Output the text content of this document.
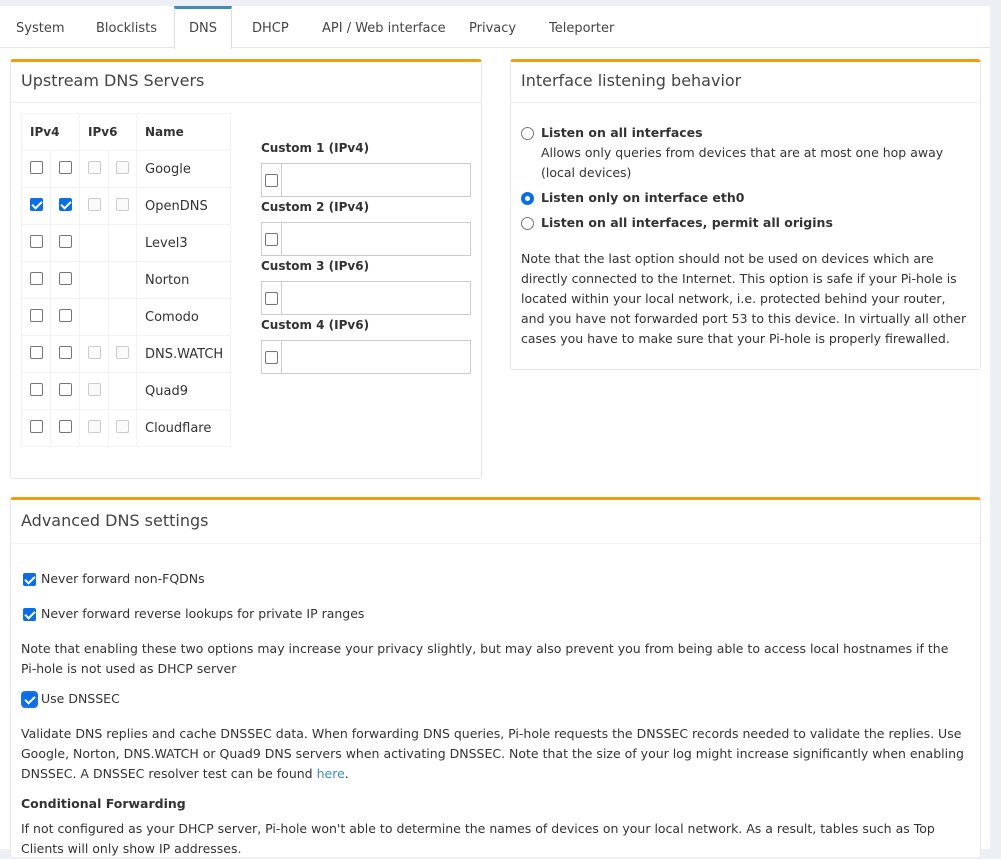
System Blocklists	DNS	DHCP	API / Web interface Privacy	Teleporter
Upstream DNS Servers
IPv4		IPv6		Name
				Google
				OpenDNS
				Level3
				Norton
				Comodo
				DNS.WATCH
				Quad9
				Cloudflare
Custom 1 (IPv4)
Custom 2 (IPv4)
Custom 3 (IPv6)
Custom 4 (IPv6)
Interface listening behavior
Listen on all interfaces
Allows only queries from devices that are at most one hop away (local devices)
Listen only on interface eth0
Listen on all interfaces, permit all origins
Note that the last option should not be used on devices which are directly connected to the Internet. This option is safe if your Pi-hole is located within your local network, i.e. protected behind your router, and you have not forwarded port 53 to this device. In virtually all other cases you have to make sure that your Pi-hole is properly firewalled.
Advanced DNS settings
Never forward non-FQDNs
Never forward reverse lookups for private IP ranges
Note that enabling these two options may increase your privacy slightly, but may also prevent you from being able to access local hostnames if the Pi-hole is not used as DHCP server
Use DNSSEC
Validate DNS replies and cache DNSSEC data. When forwarding DNS queries, Pi-hole requests the DNSSEC records needed to validate the replies. Use Google, Norton, DNS.WATCH or Quad9 DNS servers when activating DNSSEC. Note that the size of your log might increase significantly when enabling DNSSEC. A DNSSEC resolver test can be found here.
Conditional Forwarding
If not configured as your DHCP server, Pi-hole won't able to determine the names of devices on your local network. As a result, tables such as Top Clients will only show IP addresses.
